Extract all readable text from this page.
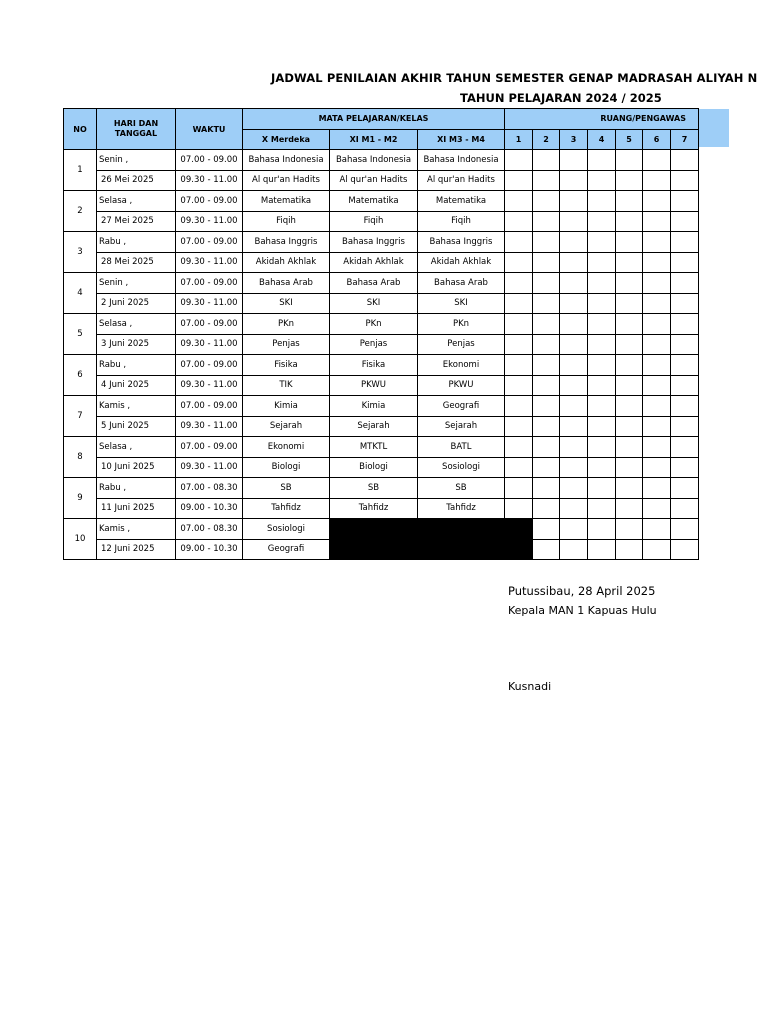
JADWAL PENILAIAN AKHIR TAHUN SEMESTER GENAP MADRASAH ALIYAH N
TAHUN PELAJARAN 2024 / 2025
NO	HARI DAN TANGGAL	WAKTU	MATA PELAJARAN/KELAS			RUANG/PENGAWAS						
			X Merdeka	XI M1 - M2	XI M3 - M4	1	2	3	4	5	6	7
1	Senin ,	07.00 - 09.00	Bahasa Indonesia	Bahasa Indonesia	Bahasa Indonesia							
	26 Mei 2025	09.30 - 11.00	Al qur'an Hadits	Al qur'an Hadits	Al qur'an Hadits							
2	Selasa ,	07.00 - 09.00	Matematika	Matematika	Matematika							
	27 Mei 2025	09.30 - 11.00	Fiqih	Fiqih	Fiqih							
3	Rabu ,	07.00 - 09.00	Bahasa Inggris	Bahasa Inggris	Bahasa Inggris							
	28 Mei 2025	09.30 - 11.00	Akidah Akhlak	Akidah Akhlak	Akidah Akhlak							
4	Senin ,	07.00 - 09.00	Bahasa Arab	Bahasa Arab	Bahasa Arab							
	2 Juni 2025	09.30 - 11.00	SKI	SKI	SKI							
5	Selasa ,	07.00 - 09.00	PKn	PKn	PKn							
	3 Juni 2025	09.30 - 11.00	Penjas	Penjas	Penjas							
6	Rabu ,	07.00 - 09.00	Fisika	Fisika	Ekonomi							
	4 Juni 2025	09.30 - 11.00	TIK	PKWU	PKWU							
7	Kamis ,	07.00 - 09.00	Kimia	Kimia	Geografi							
	5 Juni 2025	09.30 - 11.00	Sejarah	Sejarah	Sejarah							
8	Selasa ,	07.00 - 09.00	Ekonomi	MTKTL	BATL							
	10 Juni 2025	09.30 - 11.00	Biologi	Biologi	Sosiologi							
9	Rabu ,	07.00 - 08.30	SB	SB	SB							
	11 Juni 2025	09.00 - 10.30	Tahfidz	Tahfidz	Tahfidz							
10	Kamis ,	07.00 - 08.30	Sosiologi									
	12 Juni 2025	09.00 - 10.30	Geografi									
Putussibau, 28 April 2025
Kepala MAN 1 Kapuas Hulu
Kusnadi
